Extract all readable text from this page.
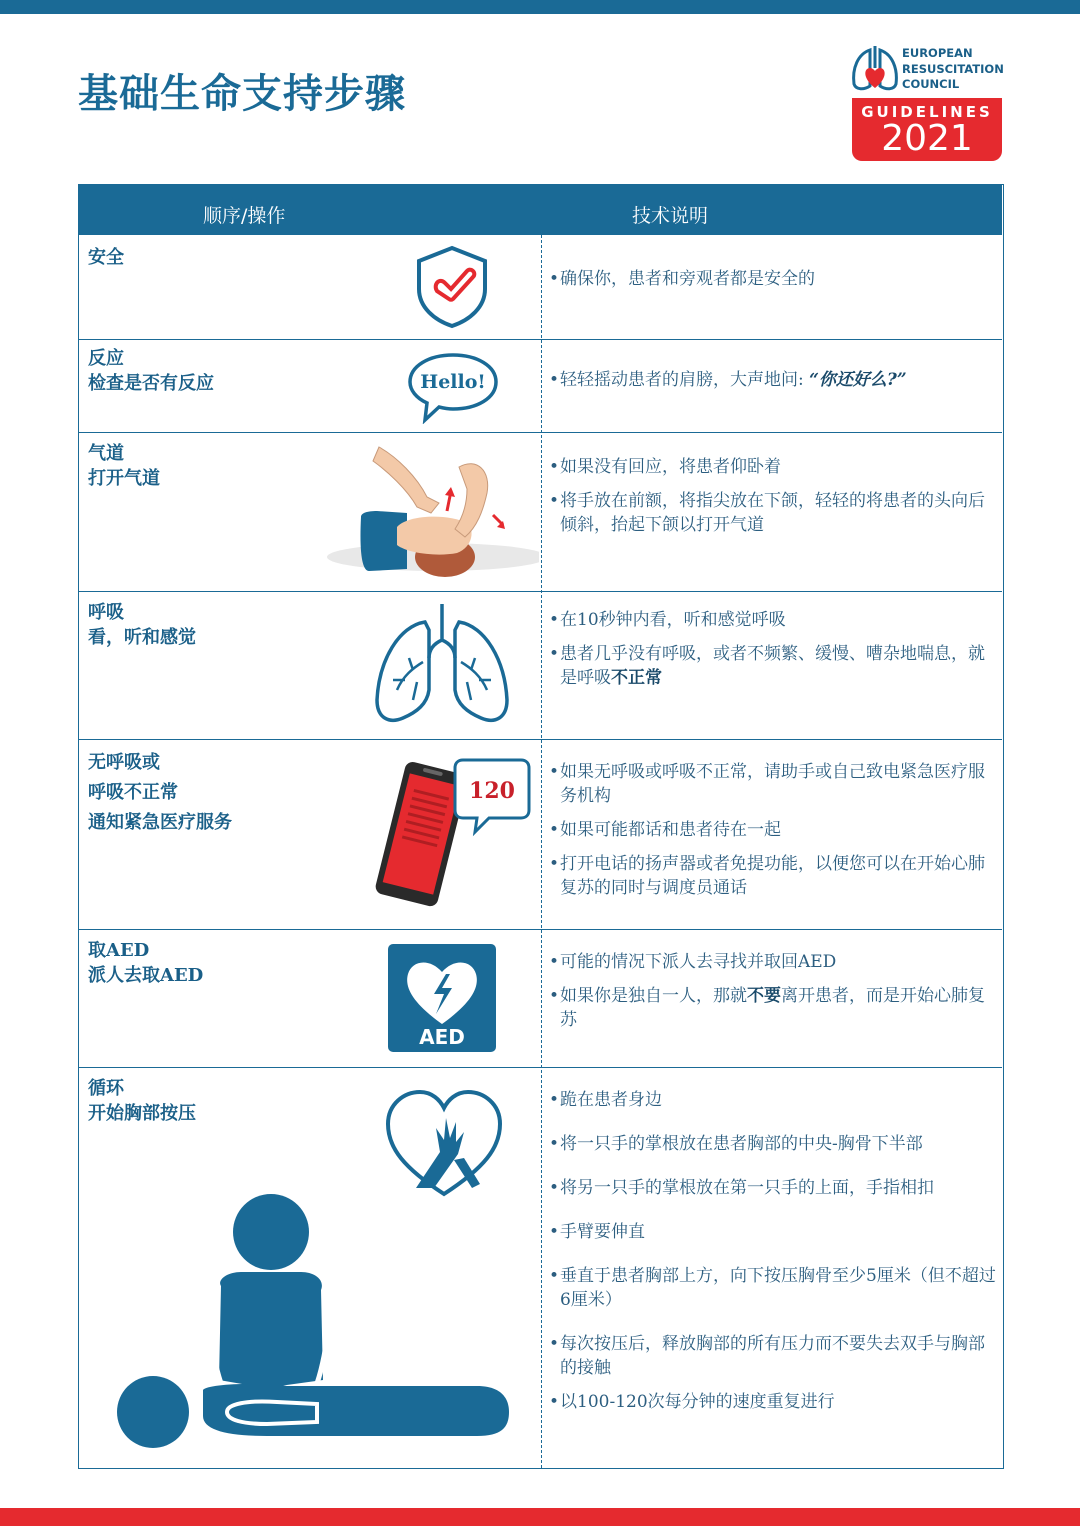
基础生命支持步骤
EUROPEAN
RESUSCITATION
COUNCIL
GUIDELINES
2021
顺序/操作	技术说明
安全

• 确保你，患者和旁观者都是安全的

反应
检查是否有反应	Hello!

•	轻轻摇动患者的肩膀，大声地问: “你还好么?”

气道
打开气道

• 如果没有回应，将患者仰卧着

• 将手放在前额，将指尖放在下颌，轻轻的将患者的头向后倾斜，抬起下颌以打开气道

呼吸
看，听和感觉

• 在10秒钟内看，听和感觉呼吸

• 患者几乎没有呼吸，或者不频繁、缓慢、嘈杂地喘息，就是呼吸不正常

无呼吸或
呼吸不正常
通知紧急医疗服务
120

• 如果无呼吸或呼吸不正常，请助手或自己致电紧急医疗服务机构

• 如果可能都话和患者待在一起

• 打开电话的扬声器或者免提功能，以便您可以在开始心肺复苏的同时与调度员通话

取AED
派人去取AED
AED

• 可能的情况下派人去寻找并取回AED

• 如果你是独自一人，那就不要离开患者，而是开始心肺复苏

循环
开始胸部按压

• 跪在患者身边

• 将一只手的掌根放在患者胸部的中央-胸骨下半部

• 将另一只手的掌根放在第一只手的上面，手指相扣

• 手臂要伸直

• 垂直于患者胸部上方，向下按压胸骨至少5厘米（但不超过6厘米）

• 每次按压后，释放胸部的所有压力而不要失去双手与胸部的接触

• 以100-120次每分钟的速度重复进行
